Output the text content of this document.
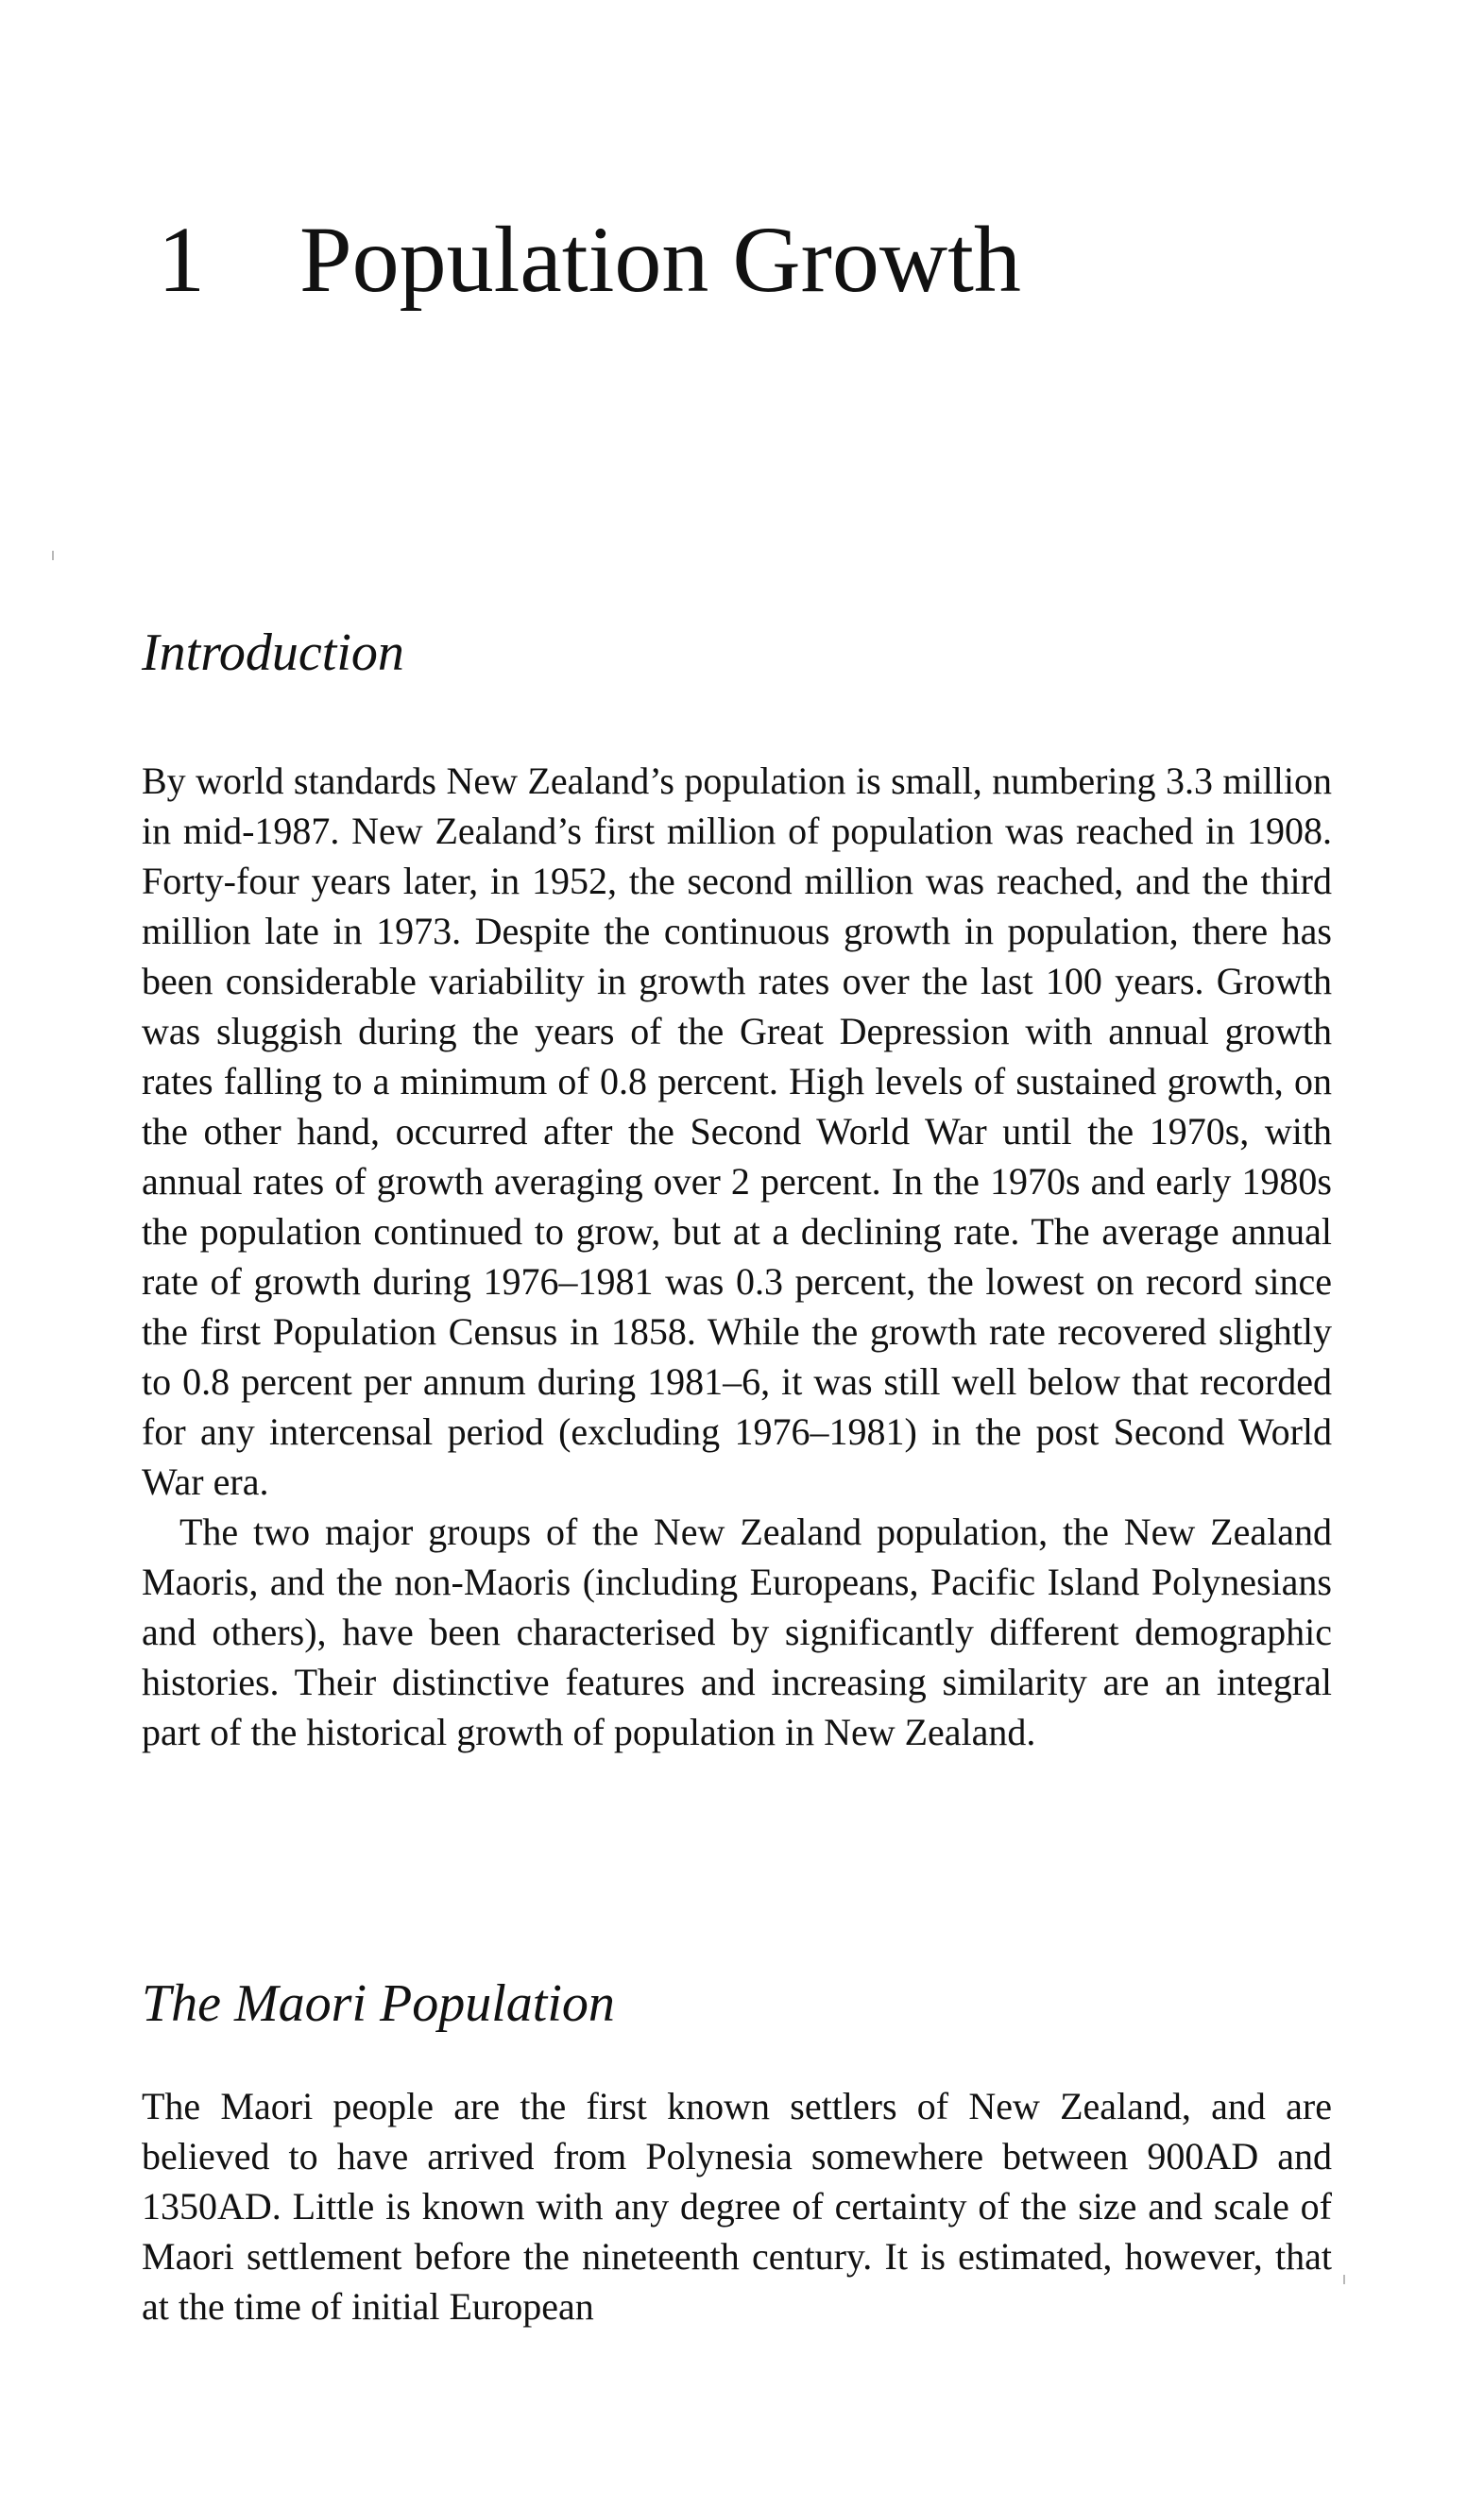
1 Population Growth
Introduction

By world standards New Zealand’s population is small, numbering 3.3 million in mid-1987. New Zealand’s first million of population was reached in 1908. Forty-four years later, in 1952, the second million was reached, and the third million late in 1973. Despite the continuous growth in population, there has been considerable variability in growth rates over the last 100 years. Growth was sluggish during the years of the Great Depression with annual growth rates falling to a minimum of 0.8 percent. High levels of sustained growth, on the other hand, occurred after the Second World War until the 1970s, with annual rates of growth averaging over 2 percent. In the 1970s and early 1980s the population continued to grow, but at a declining rate. The average annual rate of growth during 1976–1981 was 0.3 percent, the lowest on record since the first Population Census in 1858. While the growth rate recovered slightly to 0.8 percent per annum during 1981–6, it was still well below that recorded for any intercensal period (excluding 1976–1981) in the post Second World War era.

The two major groups of the New Zealand population, the New Zealand Maoris, and the non-Maoris (including Europeans, Pacific Island Polynesians and others), have been characterised by significantly different demographic histories. Their distinctive features and increasing similarity are an integral part of the historical growth of population in New Zealand.

The Maori Population

The Maori people are the first known settlers of New Zealand, and are believed to have arrived from Polynesia somewhere between 900AD and 1350AD. Little is known with any degree of certainty of the size and scale of Maori settlement before the nineteenth century. It is estimated, however, that at the time of initial European
